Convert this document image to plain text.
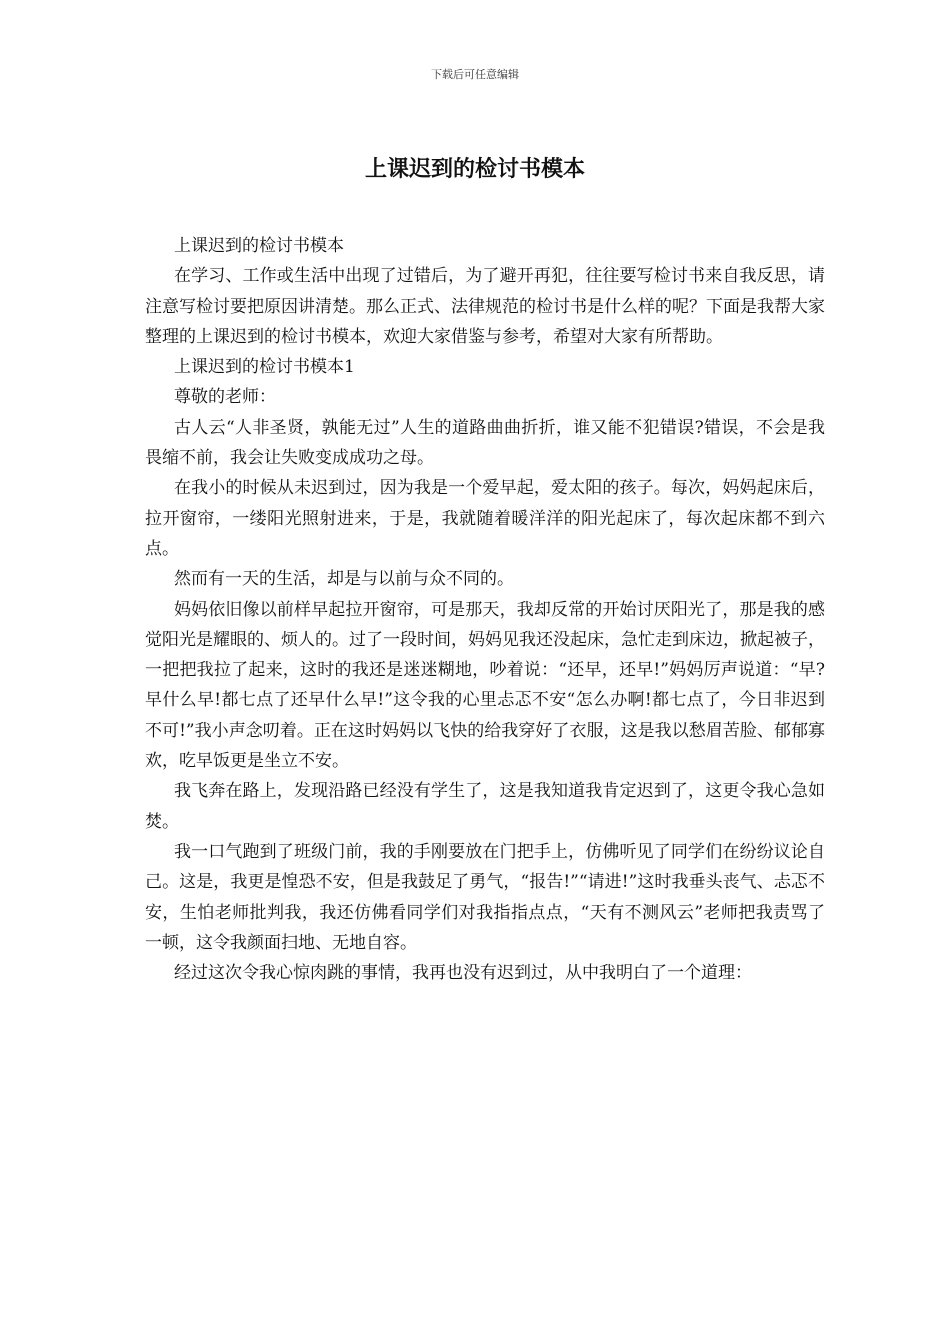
下载后可任意编辑
上课迟到的检讨书模本

上课迟到的检讨书模本

在学习、工作或生活中出现了过错后，为了避开再犯，往往要写检讨书来自我反思，请注意写检讨要把原因讲清楚。那么正式、法律规范的检讨书是什么样的呢？下面是我帮大家整理的上课迟到的检讨书模本，欢迎大家借鉴与参考，希望对大家有所帮助。

上课迟到的检讨书模本1

尊敬的老师：

古人云“人非圣贤，孰能无过”人生的道路曲曲折折，谁又能不犯错误?错误，不会是我畏缩不前，我会让失败变成成功之母。

在我小的时候从未迟到过，因为我是一个爱早起，爱太阳的孩子。每次，妈妈起床后，拉开窗帘，一缕阳光照射进来，于是，我就随着暖洋洋的阳光起床了，每次起床都不到六点。

然而有一天的生活，却是与以前与众不同的。

妈妈依旧像以前样早起拉开窗帘，可是那天，我却反常的开始讨厌阳光了，那是我的感觉阳光是耀眼的、烦人的。过了一段时间，妈妈见我还没起床，急忙走到床边，掀起被子，一把把我拉了起来，这时的我还是迷迷糊地，吵着说：“还早，还早!”妈妈厉声说道：“早?早什么早!都七点了还早什么早!”这令我的心里忐忑不安“怎么办啊!都七点了，今日非迟到不可!”我小声念叨着。正在这时妈妈以飞快的给我穿好了衣服，这是我以愁眉苦脸、郁郁寡欢，吃早饭更是坐立不安。

我飞奔在路上，发现沿路已经没有学生了，这是我知道我肯定迟到了，这更令我心急如焚。

我一口气跑到了班级门前，我的手刚要放在门把手上，仿佛听见了同学们在纷纷议论自己。这是，我更是惶恐不安，但是我鼓足了勇气，“报告!”“请进!”这时我垂头丧气、忐忑不安，生怕老师批判我，我还仿佛看同学们对我指指点点，“天有不测风云”老师把我责骂了一顿，这令我颜面扫地、无地自容。

经过这次令我心惊肉跳的事情，我再也没有迟到过，从中我明白了一个道理：
